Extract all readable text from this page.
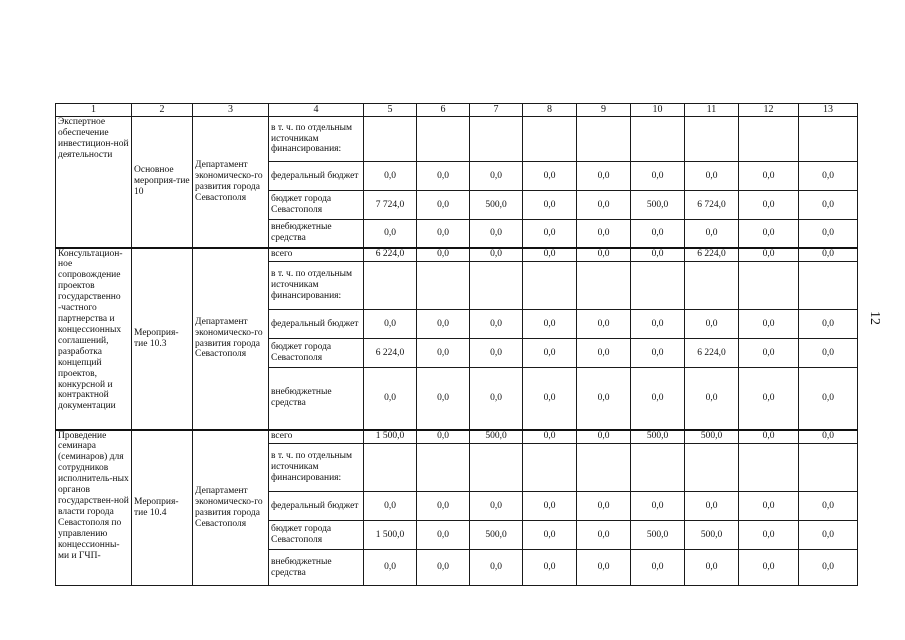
1	2	3	4	5	6	7	8	9	10	11	12	13
Экспертное обеспечение инвестицион-ной деятельности	Основное мероприя-тие 10	Департамент экономическо-го развития города Севастополя	в т. ч. по отдельным источникам финансирования:									
			федеральный бюджет	0,0	0,0	0,0	0,0	0,0	0,0	0,0	0,0	0,0
			бюджет города Севастополя	7 724,0	0,0	500,0	0,0	0,0	500,0	6 724,0	0,0	0,0
			внебюджетные средства	0,0	0,0	0,0	0,0	0,0	0,0	0,0	0,0	0,0
Консультацион-ное сопровождение проектов государственно -частного партнерства и концессионных соглашений, разработка концепций проектов, конкурсной и контрактной документации	Мероприя-тие 10.3	Департамент экономическо-го развития города Севастополя	всего	6 224,0	0,0	0,0	0,0	0,0	0,0	6 224,0	0,0	0,0
			в т. ч. по отдельным источникам финансирования:									
			федеральный бюджет	0,0	0,0	0,0	0,0	0,0	0,0	0,0	0,0	0,0
			бюджет города Севастополя	6 224,0	0,0	0,0	0,0	0,0	0,0	6 224,0	0,0	0,0
			внебюджетные средства	0,0	0,0	0,0	0,0	0,0	0,0	0,0	0,0	0,0
Проведение семинара (семинаров) для сотрудников исполнитель-ных органов государствен-ной власти города Севастополя по управлению концессионны-ми и ГЧП-	Мероприя-тие 10.4	Департамент экономическо-го развития города Севастополя	всего	1 500,0	0,0	500,0	0,0	0,0	500,0	500,0	0,0	0,0
			в т. ч. по отдельным источникам финансирования:									
			федеральный бюджет	0,0	0,0	0,0	0,0	0,0	0,0	0,0	0,0	0,0
			бюджет города Севастополя	1 500,0	0,0	500,0	0,0	0,0	500,0	500,0	0,0	0,0
			внебюджетные средства	0,0	0,0	0,0	0,0	0,0	0,0	0,0	0,0	0,0
12
